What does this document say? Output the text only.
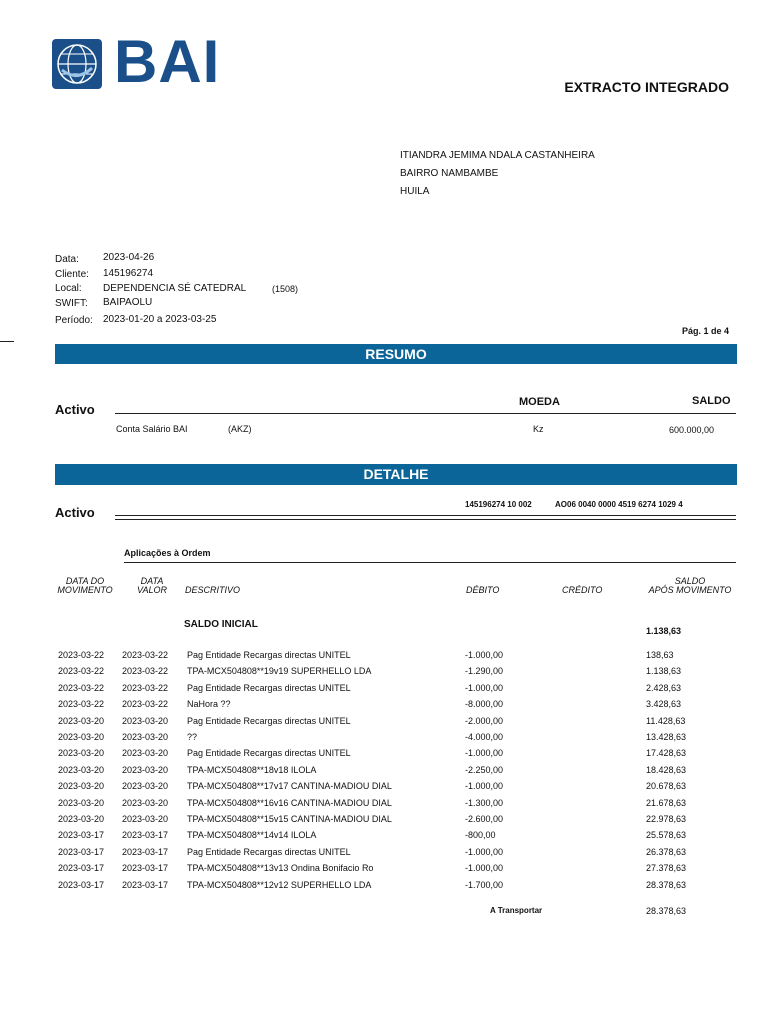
BAI	EXTRACTO INTEGRADO
ITIANDRA JEMIMA NDALA CASTANHEIRA
BAIRRO NAMBAMBE
HUILA
Data: 2023-04-26
Cliente: 145196274
Local: DEPENDENCIA SÉ CATEDRAL	(1508)
SWIFT: BAIPAOLU
Período: 2023-01-20 a 2023-03-25
Pág. 1 de 4
RESUMO
Activo	MOEDA	SALDO
Conta Salário BAI	(AKZ)	Kz	600.000,00
DETALHE
Activo
145196274 10 002	AO06 0040 0000 4519 6274 1029 4
Aplicações à Ordem
DATA DO
MOVIMENTO
DATA
VALOR	DESCRITIVO	DÉBITO	CRÉDITO
SALDO
APÓS MOVIMENTO
SALDO INICIAL
1.138,63
2023-03-22 2023-03-22 Pag Entidade Recargas directas UNITEL	-1.000,00	138,63
2023-03-22 2023-03-22 TPA-MCX504808**19v19 SUPERHELLO LDA	-1.290,00	1.138,63
2023-03-22 2023-03-22 Pag Entidade Recargas directas UNITEL	-1.000,00	2.428,63
2023-03-22 2023-03-22 NaHora ??	-8.000,00	3.428,63
2023-03-20 2023-03-20 Pag Entidade Recargas directas UNITEL	-2.000,00	11.428,63
2023-03-20 2023-03-20 ??	-4.000,00	13.428,63
2023-03-20 2023-03-20 Pag Entidade Recargas directas UNITEL	-1.000,00	17.428,63
2023-03-20 2023-03-20 TPA-MCX504808**18v18 ILOLA	-2.250,00	18.428,63
2023-03-20 2023-03-20 TPA-MCX504808**17v17 CANTINA-MADIOU DIAL	-1.000,00	20.678,63
2023-03-20 2023-03-20 TPA-MCX504808**16v16 CANTINA-MADIOU DIAL	-1.300,00	21.678,63
2023-03-20 2023-03-20 TPA-MCX504808**15v15 CANTINA-MADIOU DIAL	-2.600,00	22.978,63
2023-03-17 2023-03-17 TPA-MCX504808**14v14 ILOLA	-800,00	25.578,63
2023-03-17 2023-03-17 Pag Entidade Recargas directas UNITEL	-1.000,00	26.378,63
2023-03-17 2023-03-17 TPA-MCX504808**13v13 Ondina Bonifacio Ro	-1.000,00	27.378,63
2023-03-17 2023-03-17 TPA-MCX504808**12v12 SUPERHELLO LDA	-1.700,00	28.378,63
A Transportar	28.378,63
